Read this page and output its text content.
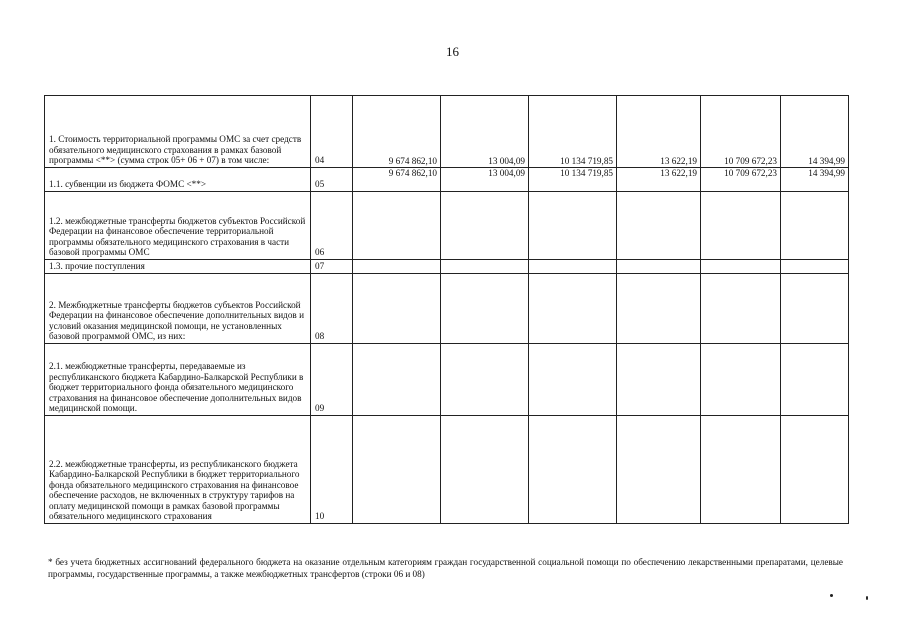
16
1. Стоимость территориальной программы ОМС за счет средств обязательного медицинского страхования в рамках базовой программы <**> (сумма строк 05+ 06 + 07) в том числе:	04	9 674 862,10	13 004,09	10 134 719,85	13 622,19	10 709 672,23	14 394,99
1.1. субвенции из бюджета ФОМС <**>	05	9 674 862,10	13 004,09	10 134 719,85	13 622,19	10 709 672,23	14 394,99
1.2. межбюджетные трансферты бюджетов субъектов Российской Федерации на финансовое обеспечение территориальной программы обязательного медицинского страхования в части базовой программы ОМС	06						
1.3. прочие поступления	07						
2. Межбюджетные трансферты бюджетов субъектов Российской Федерации на финансовое обеспечение дополнительных видов и условий оказания медицинской помощи, не установленных базовой программой ОМС, из них:	08						
2.1. межбюджетные трансферты, передаваемые из республиканского бюджета Кабардино-Балкарской Республики в бюджет территориального фонда обязательного медицинского страхования на финансовое обеспечение дополнительных видов медицинской помощи.	09						
2.2. межбюджетные трансферты, из республиканского бюджета Кабардино-Балкарской Республики в бюджет территориального фонда обязательного медицинского страхования на финансовое обеспечение расходов, не включенных в структуру тарифов на оплату медицинской помощи в рамках базовой программы обязательного медицинского страхования	10						
* без учета бюджетных ассигнований федерального бюджета на оказание отдельным категориям граждан государственной социальной помощи по обеспечению лекарственными препаратами, целевые программы, государственные программы, а также межбюджетных трансфертов (строки 06 и 08)
